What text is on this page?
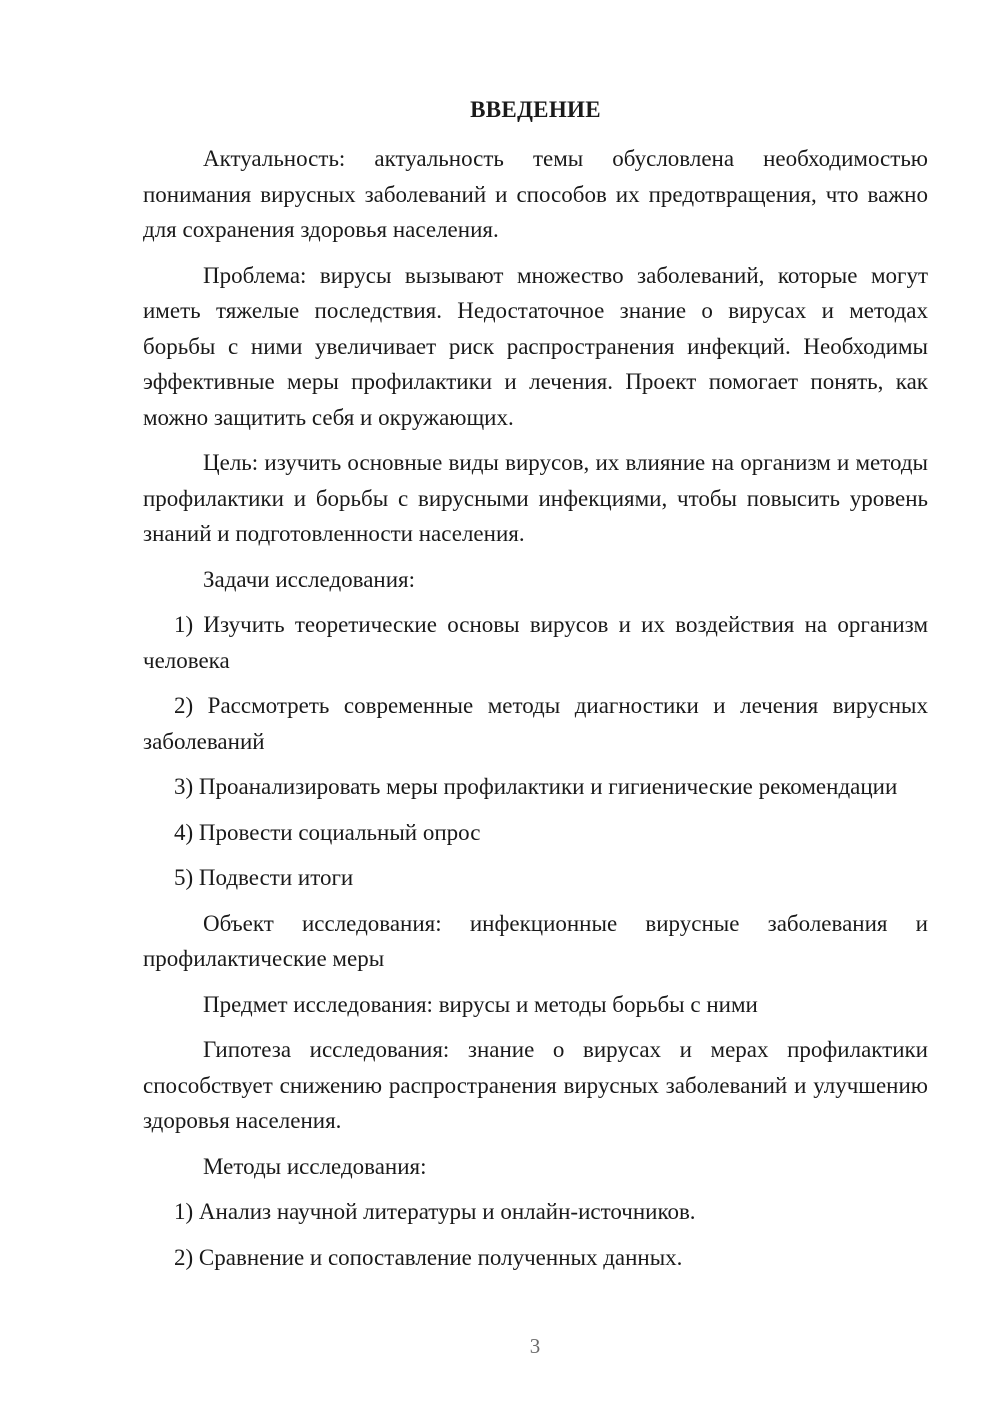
ВВЕДЕНИЕ

Актуальность: актуальность темы обусловлена необходимостью понимания вирусных заболеваний и способов их предотвращения, что важно для сохранения здоровья населения.

Проблема: вирусы вызывают множество заболеваний, которые могут иметь тяжелые последствия. Недостаточное знание о вирусах и методах борьбы с ними увеличивает риск распространения инфекций. Необходимы эффективные меры профилактики и лечения. Проект помогает понять, как можно защитить себя и окружающих.

Цель: изучить основные виды вирусов, их влияние на организм и методы профилактики и борьбы с вирусными инфекциями, чтобы повысить уровень знаний и подготовленности населения.

Задачи исследования:

1) Изучить теоретические основы вирусов и их воздействия на организм человека

2) Рассмотреть современные методы диагностики и лечения вирусных заболеваний

3) Проанализировать меры профилактики и гигиенические рекомендации

4) Провести социальный опрос

5) Подвести итоги

Объект исследования: инфекционные вирусные заболевания и профилактические меры

Предмет исследования: вирусы и методы борьбы с ними

Гипотеза исследования: знание о вирусах и мерах профилактики способствует снижению распространения вирусных заболеваний и улучшению здоровья населения.

Методы исследования:

1) Анализ научной литературы и онлайн-источников.

2) Сравнение и сопоставление полученных данных.

3
